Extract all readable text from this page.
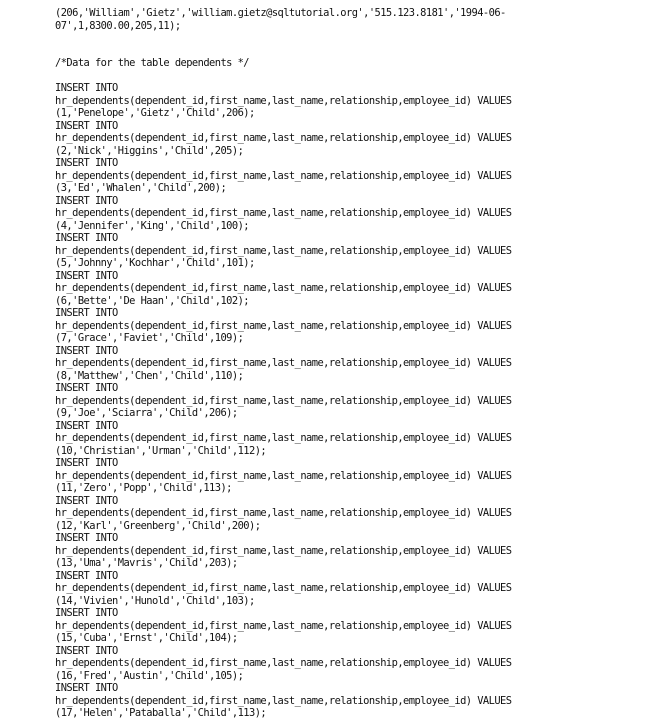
(206,'William','Gietz','william.gietz@sqltutorial.org','515.123.8181','1994-06-
07',1,8300.00,205,11);
/*Data for the table dependents */
INSERT INTO
hr_dependents(dependent_id,first_name,last_name,relationship,employee_id) VALUES
(1,'Penelope','Gietz','Child',206);
INSERT INTO
hr_dependents(dependent_id,first_name,last_name,relationship,employee_id) VALUES
(2,'Nick','Higgins','Child',205);
INSERT INTO
hr_dependents(dependent_id,first_name,last_name,relationship,employee_id) VALUES
(3,'Ed','Whalen','Child',200);
INSERT INTO
hr_dependents(dependent_id,first_name,last_name,relationship,employee_id) VALUES
(4,'Jennifer','King','Child',100);
INSERT INTO
hr_dependents(dependent_id,first_name,last_name,relationship,employee_id) VALUES
(5,'Johnny','Kochhar','Child',101);
INSERT INTO
hr_dependents(dependent_id,first_name,last_name,relationship,employee_id) VALUES
(6,'Bette','De Haan','Child',102);
INSERT INTO
hr_dependents(dependent_id,first_name,last_name,relationship,employee_id) VALUES
(7,'Grace','Faviet','Child',109);
INSERT INTO
hr_dependents(dependent_id,first_name,last_name,relationship,employee_id) VALUES
(8,'Matthew','Chen','Child',110);
INSERT INTO
hr_dependents(dependent_id,first_name,last_name,relationship,employee_id) VALUES
(9,'Joe','Sciarra','Child',206);
INSERT INTO
hr_dependents(dependent_id,first_name,last_name,relationship,employee_id) VALUES
(10,'Christian','Urman','Child',112);
INSERT INTO
hr_dependents(dependent_id,first_name,last_name,relationship,employee_id) VALUES
(11,'Zero','Popp','Child',113);
INSERT INTO
hr_dependents(dependent_id,first_name,last_name,relationship,employee_id) VALUES
(12,'Karl','Greenberg','Child',200);
INSERT INTO
hr_dependents(dependent_id,first_name,last_name,relationship,employee_id) VALUES
(13,'Uma','Mavris','Child',203);
INSERT INTO
hr_dependents(dependent_id,first_name,last_name,relationship,employee_id) VALUES
(14,'Vivien','Hunold','Child',103);
INSERT INTO
hr_dependents(dependent_id,first_name,last_name,relationship,employee_id) VALUES
(15,'Cuba','Ernst','Child',104);
INSERT INTO
hr_dependents(dependent_id,first_name,last_name,relationship,employee_id) VALUES
(16,'Fred','Austin','Child',105);
INSERT INTO
hr_dependents(dependent_id,first_name,last_name,relationship,employee_id) VALUES
(17,'Helen','Pataballa','Child',113);
